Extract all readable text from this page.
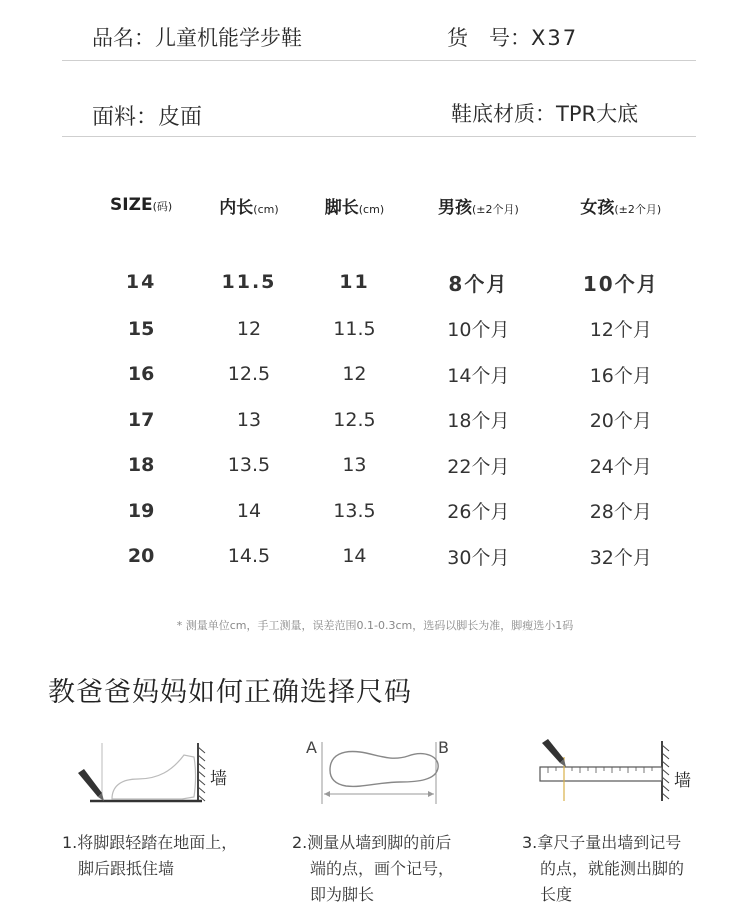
品名：儿童机能学步鞋	货　号：X37
面料：皮面	鞋底材质：TPR大底
SIZE(码)	内长(cm)	脚长(cm)	男孩(±2个月)	女孩(±2个月)
14	11.5	11	8个月	10个月
15	12	11.5	10个月	12个月
16	12.5	12	14个月	16个月
17	13	12.5	18个月	20个月
18	13.5	13	22个月	24个月
19	14	13.5	26个月	28个月
20	14.5	14	30个月	32个月
* 测量单位cm，手工测量，误差范围0.1-0.3cm，选码以脚长为准，脚瘦选小1码
教爸爸妈妈如何正确选择尺码
墙
A	B
墙
1.将脚跟轻踏在地面上，
脚后跟抵住墙
2.测量从墙到脚的前后
端的点，画个记号，
即为脚长
3.拿尺子量出墙到记号
的点，就能测出脚的
长度
